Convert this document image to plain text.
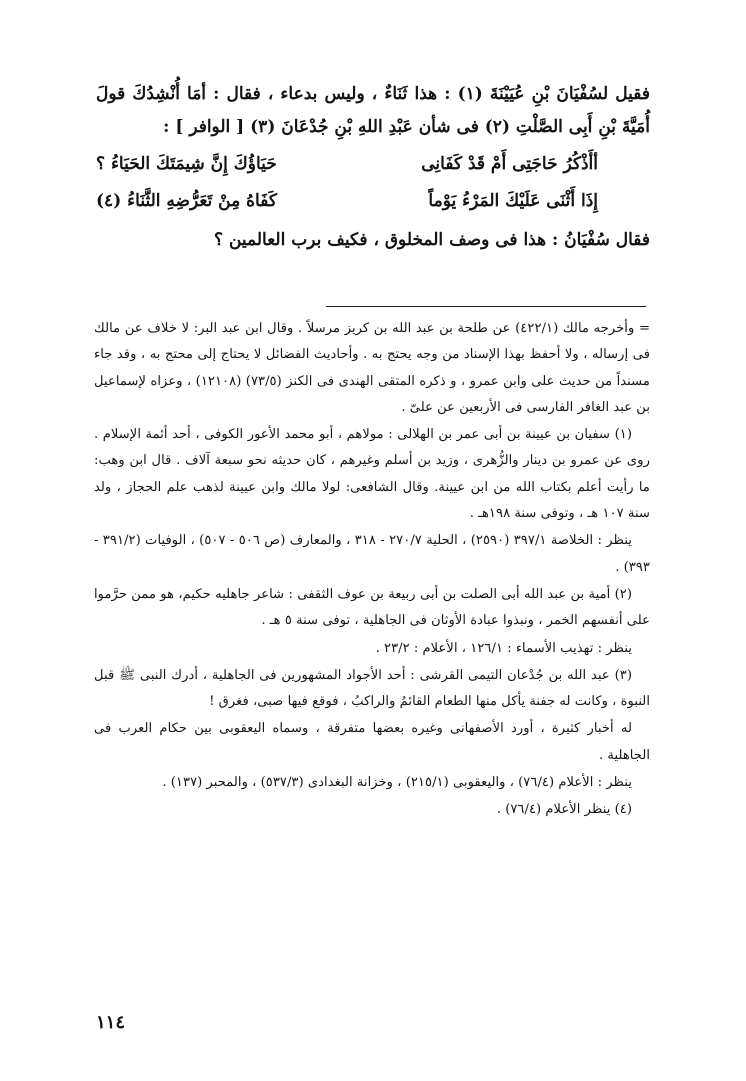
فقيل لسُفْيَانَ بْنِ عُيَيْنَةَ (١) : هذا ثَنَاءٌ ، وليس بدعاء ، فقال : أمَا أُنْشِدُكَ قولَ أُمَيَّةَ بْنِ أَبِى الصَّلْتِ (٢) فى شأن عَبْدِ اللهِ بْنِ جُدْعَانَ (٣) [ الوافر ] :

أأَذْكُرُ حَاجَتِى أَمْ قَدْ كَفَانِى
حَيَاؤُكَ إِنَّ شِيمَتَكَ الحَيَاءُ ؟
إِذَا أَثْنَى عَلَيْكَ المَرْءُ يَوْماً
كَفَاهُ مِنْ تَعَرُّضِهِ الثَّنَاءُ (٤)

فقال سُفْيَانُ : هذا فى وصف المخلوق ، فكيف برب العالمين ؟

= وأخرجه مالك (٤٢٢/١) عن طلحة بن عبد الله بن كريز مرسلاً . وقال ابن عبد البر: لا خلاف عن مالك فى إرساله ، ولا أحفظ بهذا الإسناد من وجه يحتج به . وأحاديث الفضائل لا يحتاج إلى محتج به ، وقد جاء مسنداً من حديث على وابن عمرو ، و ذكره المتقى الهندى فى الكنز (٧٣/٥) (١٢١٠٨) ، وعزاه لإسماعيل بن عبد الغافر الفارسى فى الأربعين عن علىّ .

(١) سفيان بن عيينة بن أبى عمر بن الهلالى : مولاهم ، أبو محمد الأعور الكوفى ، أحد أئمة الإسلام . روى عن عمرو بن دينار والزُّهرى ، وزيد بن أسلم وغيرهم ، كان حديثه نحو سبعة آلاف . قال ابن وهب: ما رأيت أعلم بكتاب الله من ابن عيينة. وقال الشافعى: لولا مالك وابن عيينة لذهب علم الحجاز ، ولد سنة ١٠٧ هـ ، وتوفى سنة ١٩٨هـ .

ينظر : الخلاصة ٣٩٧/١ (٢٥٩٠) ، الحلية ٢٧٠/٧ - ٣١٨ ، والمعارف (ص ٥٠٦ - ٥٠٧) ، الوفيات (٣٩١/٢ - ٣٩٣) .

(٢) أمية بن عبد الله أبى الصلت بن أبى ربيعة بن عوف الثقفى : شاعر جاهليه حكيم، هو ممن حرَّموا على أنفسهم الخمر ، ونبذوا عبادة الأوثان فى الجاهلية ، توفى سنة ٥ هـ .

ينظر : تهذيب الأسماء : ١٢٦/١ ، الأعلام : ٢٣/٢ .

(٣) عبد الله بن جُدْعان التيمى القرشى : أحد الأجواد المشهورين فى الجاهلية ، أدرك النبى ﷺ قبل النبوة ، وكانت له جفنة يأكل منها الطعام القائمُ والراكبُ ، فوقع فيها صبى، فغرق !

له أخبار كثيرة ، أورد الأصفهانى وغيره بعضها متفرقة ، وسماه اليعقوبى بين حكام العرب فى الجاهلية .

ينظر : الأعلام (٧٦/٤) ، واليعقوبى (٢١٥/١) ، وخزانة البغدادى (٥٣٧/٣) ، والمحبر (١٣٧) .

(٤) ينظر الأعلام (٧٦/٤) .

١١٤
